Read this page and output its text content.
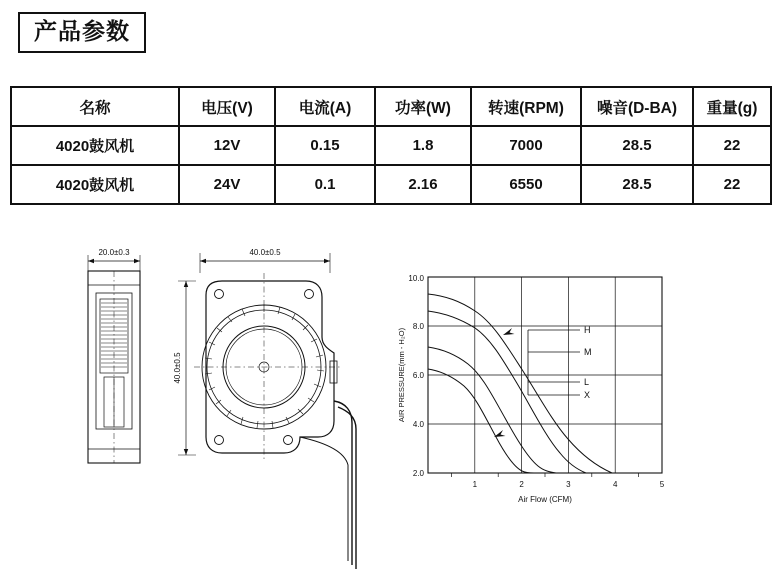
产品参数
名称	电压(V)	电流(A)	功率(W)	转速(RPM)	噪音(D-BA)	重量(g)
4020鼓风机	12V	0.15	1.8	7000	28.5	22
4020鼓风机	24V	0.1	2.16	6550	28.5	22
20.0±0.3	40.0±0.5
40.0±0.5
10.0
8.0
6.0
4.0
2.0
1	2	3	4	5
Air Flow (CFM)
AIR PRESSURE(mm - H₂O)	H
M
L
X
